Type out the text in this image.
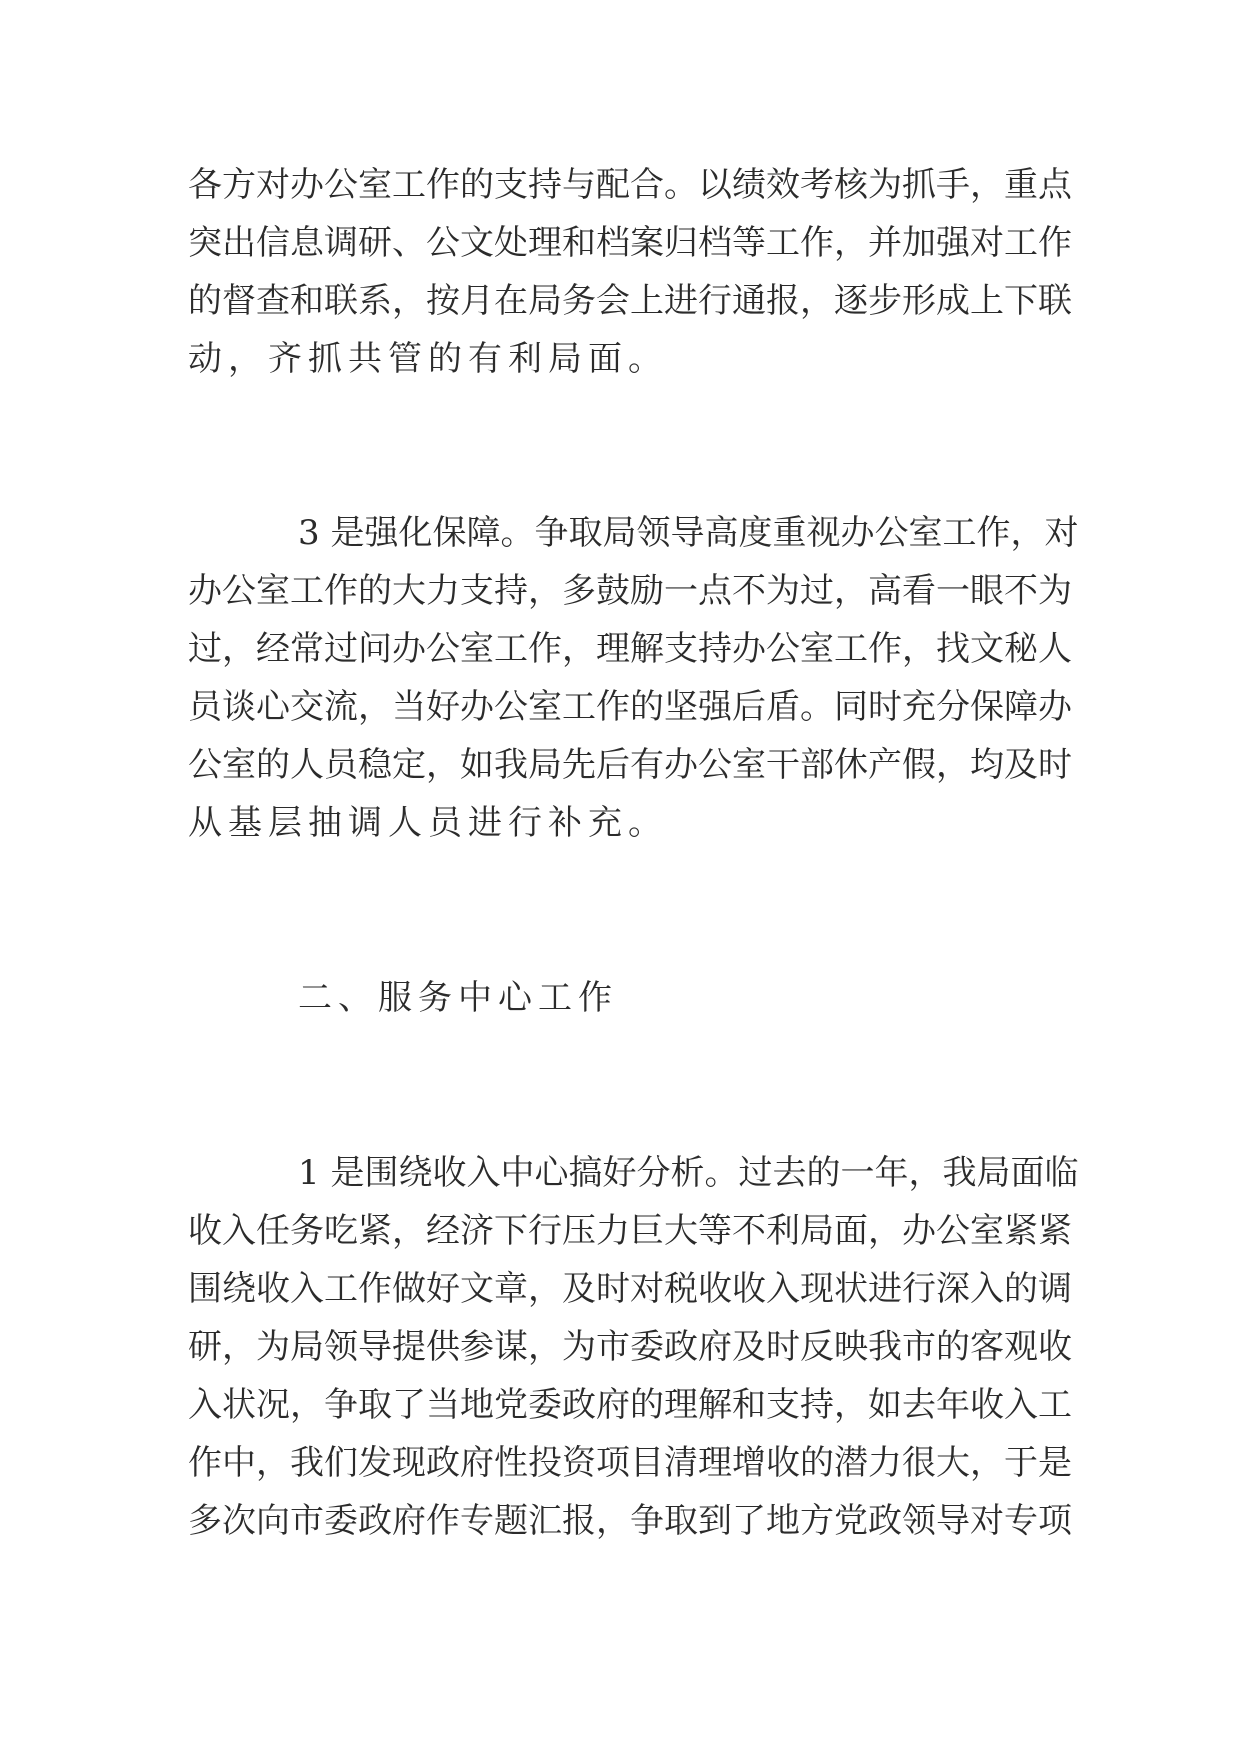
各方对办公室工作的支持与配合。以绩效考核为抓手，重点

突出信息调研、公文处理和档案归档等工作，并加强对工作

的督查和联系，按月在局务会上进行通报，逐步形成上下联

动，齐抓共管的有利局面。

3 是强化保障。争取局领导高度重视办公室工作，对

办公室工作的大力支持，多鼓励一点不为过，高看一眼不为

过，经常过问办公室工作，理解支持办公室工作，找文秘人

员谈心交流，当好办公室工作的坚强后盾。同时充分保障办

公室的人员稳定，如我局先后有办公室干部休产假，均及时

从基层抽调人员进行补充。

二、服务中心工作

1 是围绕收入中心搞好分析。过去的一年，我局面临

收入任务吃紧，经济下行压力巨大等不利局面，办公室紧紧

围绕收入工作做好文章，及时对税收收入现状进行深入的调

研，为局领导提供参谋，为市委政府及时反映我市的客观收

入状况，争取了当地党委政府的理解和支持，如去年收入工

作中，我们发现政府性投资项目清理增收的潜力很大，于是

多次向市委政府作专题汇报，争取到了地方党政领导对专项
